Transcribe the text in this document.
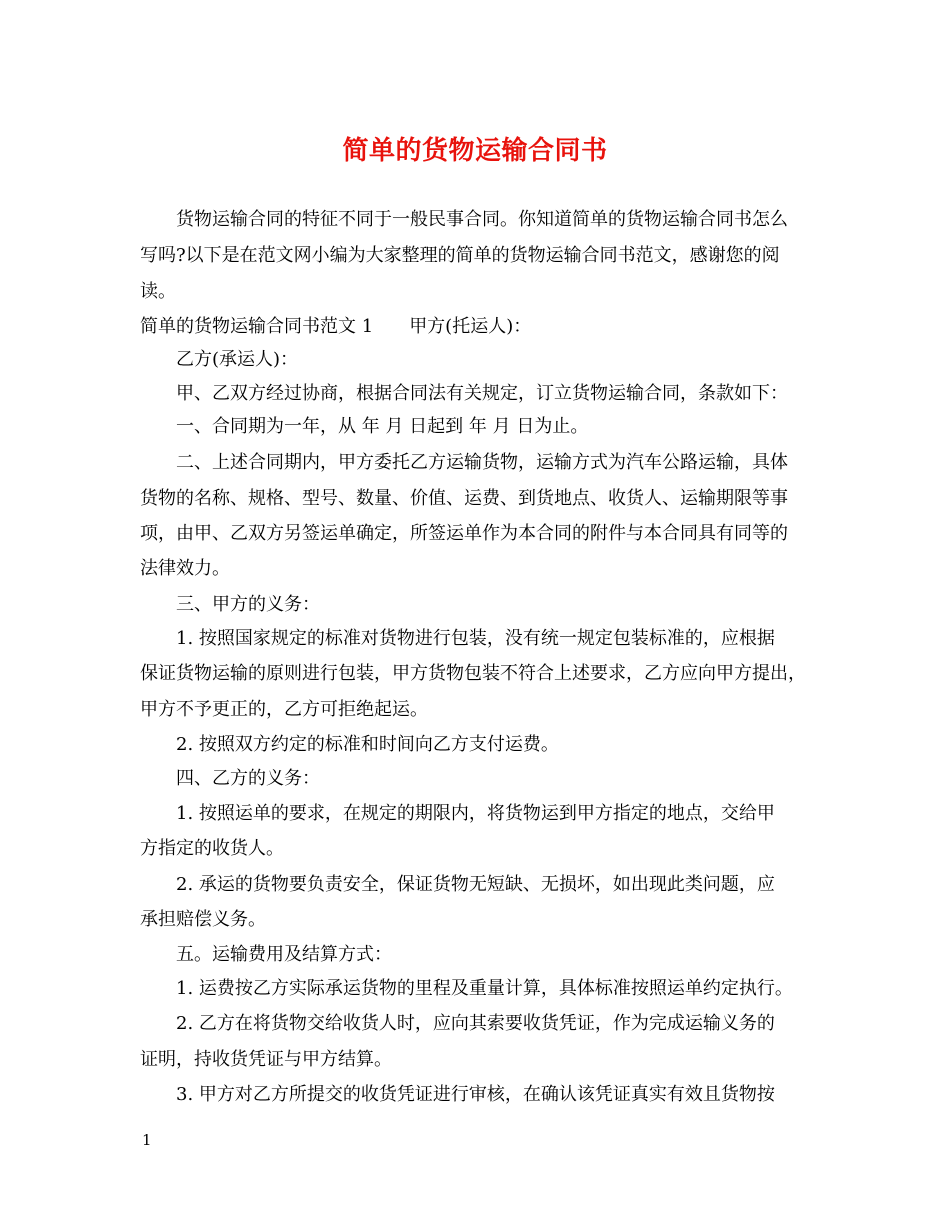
简单的货物运输合同书
货物运输合同的特征不同于一般民事合同。你知道简单的货物运输合同书怎么
写吗?以下是在范文网小编为大家整理的简单的货物运输合同书范文，感谢您的阅
读。
简单的货物运输合同书范文 1 甲方(托运人)：
乙方(承运人)：
甲、乙双方经过协商，根据合同法有关规定，订立货物运输合同，条款如下：
一、合同期为一年，从 年 月 日起到 年 月 日为止。
二、上述合同期内，甲方委托乙方运输货物，运输方式为汽车公路运输，具体
货物的名称、规格、型号、数量、价值、运费、到货地点、收货人、运输期限等事
项，由甲、乙双方另签运单确定，所签运单作为本合同的附件与本合同具有同等的
法律效力。
三、甲方的义务：
1. 按照国家规定的标准对货物进行包装，没有统一规定包装标准的，应根据
保证货物运输的原则进行包装，甲方货物包装不符合上述要求，乙方应向甲方提出，
甲方不予更正的，乙方可拒绝起运。
2. 按照双方约定的标准和时间向乙方支付运费。
四、乙方的义务：
1. 按照运单的要求，在规定的期限内，将货物运到甲方指定的地点，交给甲
方指定的收货人。
2. 承运的货物要负责安全，保证货物无短缺、无损坏，如出现此类问题，应
承担赔偿义务。
五。运输费用及结算方式：
1. 运费按乙方实际承运货物的里程及重量计算，具体标准按照运单约定执行。
2. 乙方在将货物交给收货人时，应向其索要收货凭证，作为完成运输义务的
证明，持收货凭证与甲方结算。
3. 甲方对乙方所提交的收货凭证进行审核，在确认该凭证真实有效且货物按
1
